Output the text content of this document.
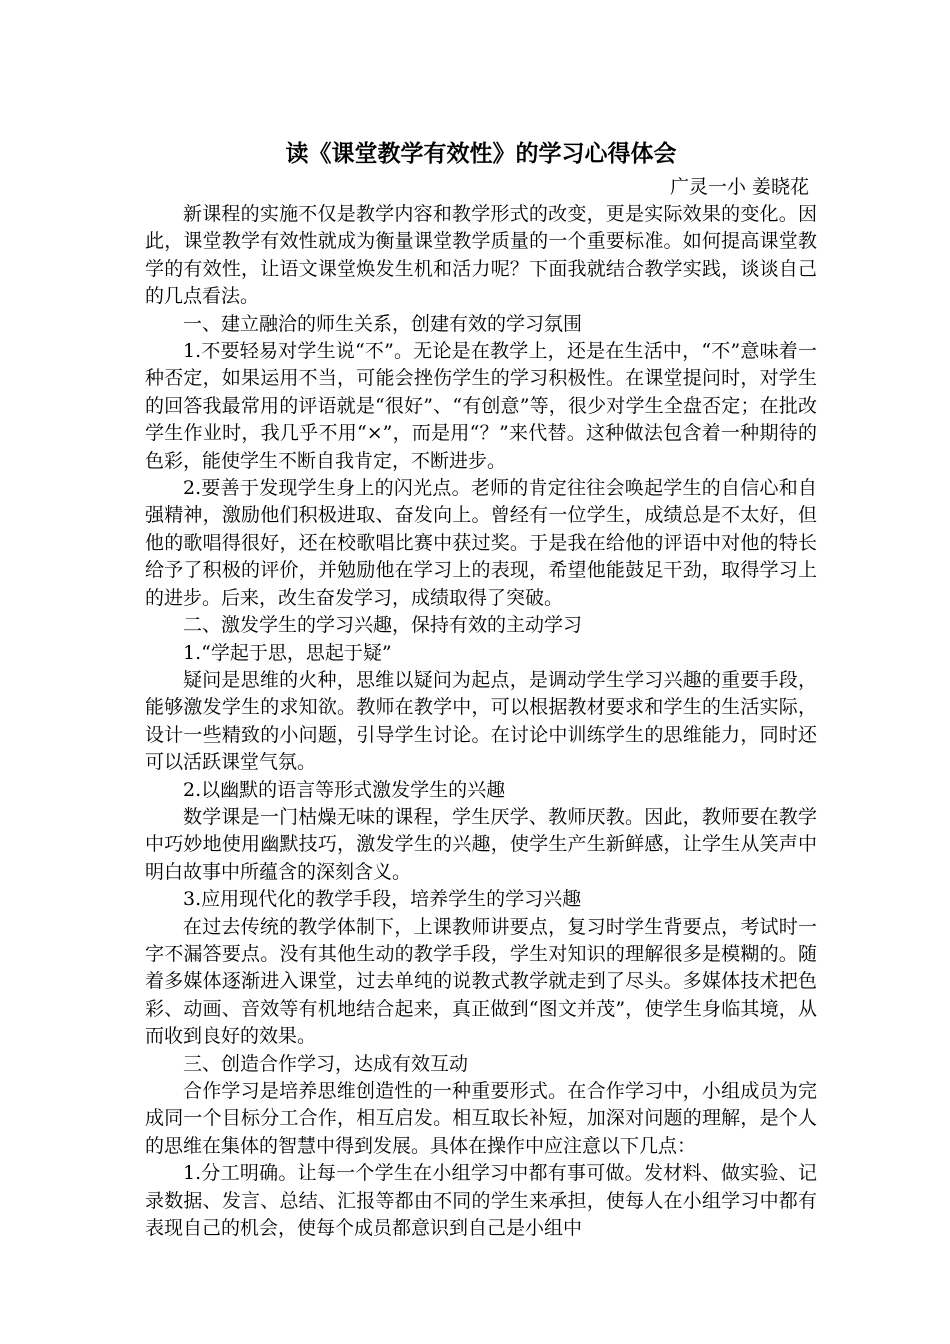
读《课堂教学有效性》的学习心得体会
广灵一小 姜晓花

新课程的实施不仅是教学内容和教学形式的改变，更是实际效果的变化。因此，课堂教学有效性就成为衡量课堂教学质量的一个重要标准。如何提高课堂教学的有效性，让语文课堂焕发生机和活力呢？下面我就结合教学实践，谈谈自己的几点看法。

一、建立融洽的师生关系，创建有效的学习氛围

1.不要轻易对学生说“不”。无论是在教学上，还是在生活中，“不”意味着一种否定，如果运用不当，可能会挫伤学生的学习积极性。在课堂提问时，对学生的回答我最常用的评语就是“很好”、“有创意”等，很少对学生全盘否定；在批改学生作业时，我几乎不用“×”，而是用“？”来代替。这种做法包含着一种期待的色彩，能使学生不断自我肯定，不断进步。

2.要善于发现学生身上的闪光点。老师的肯定往往会唤起学生的自信心和自强精神，激励他们积极进取、奋发向上。曾经有一位学生，成绩总是不太好，但他的歌唱得很好，还在校歌唱比赛中获过奖。于是我在给他的评语中对他的特长给予了积极的评价，并勉励他在学习上的表现，希望他能鼓足干劲，取得学习上的进步。后来，改生奋发学习，成绩取得了突破。

二、激发学生的学习兴趣，保持有效的主动学习

1.“学起于思，思起于疑”

疑问是思维的火种，思维以疑问为起点，是调动学生学习兴趣的重要手段，能够激发学生的求知欲。教师在教学中，可以根据教材要求和学生的生活实际，设计一些精致的小问题，引导学生讨论。在讨论中训练学生的思维能力，同时还可以活跃课堂气氛。

2.以幽默的语言等形式激发学生的兴趣

数学课是一门枯燥无味的课程，学生厌学、教师厌教。因此，教师要在教学中巧妙地使用幽默技巧，激发学生的兴趣，使学生产生新鲜感，让学生从笑声中明白故事中所蕴含的深刻含义。

3.应用现代化的教学手段，培养学生的学习兴趣

在过去传统的教学体制下，上课教师讲要点，复习时学生背要点，考试时一字不漏答要点。没有其他生动的教学手段，学生对知识的理解很多是模糊的。随着多媒体逐渐进入课堂，过去单纯的说教式教学就走到了尽头。多媒体技术把色彩、动画、音效等有机地结合起来，真正做到“图文并茂”，使学生身临其境，从而收到良好的效果。

三、创造合作学习，达成有效互动

合作学习是培养思维创造性的一种重要形式。在合作学习中，小组成员为完成同一个目标分工合作，相互启发。相互取长补短，加深对问题的理解，是个人的思维在集体的智慧中得到发展。具体在操作中应注意以下几点：

1.分工明确。让每一个学生在小组学习中都有事可做。发材料、做实验、记录数据、发言、总结、汇报等都由不同的学生来承担，使每人在小组学习中都有表现自己的机会，使每个成员都意识到自己是小组中
